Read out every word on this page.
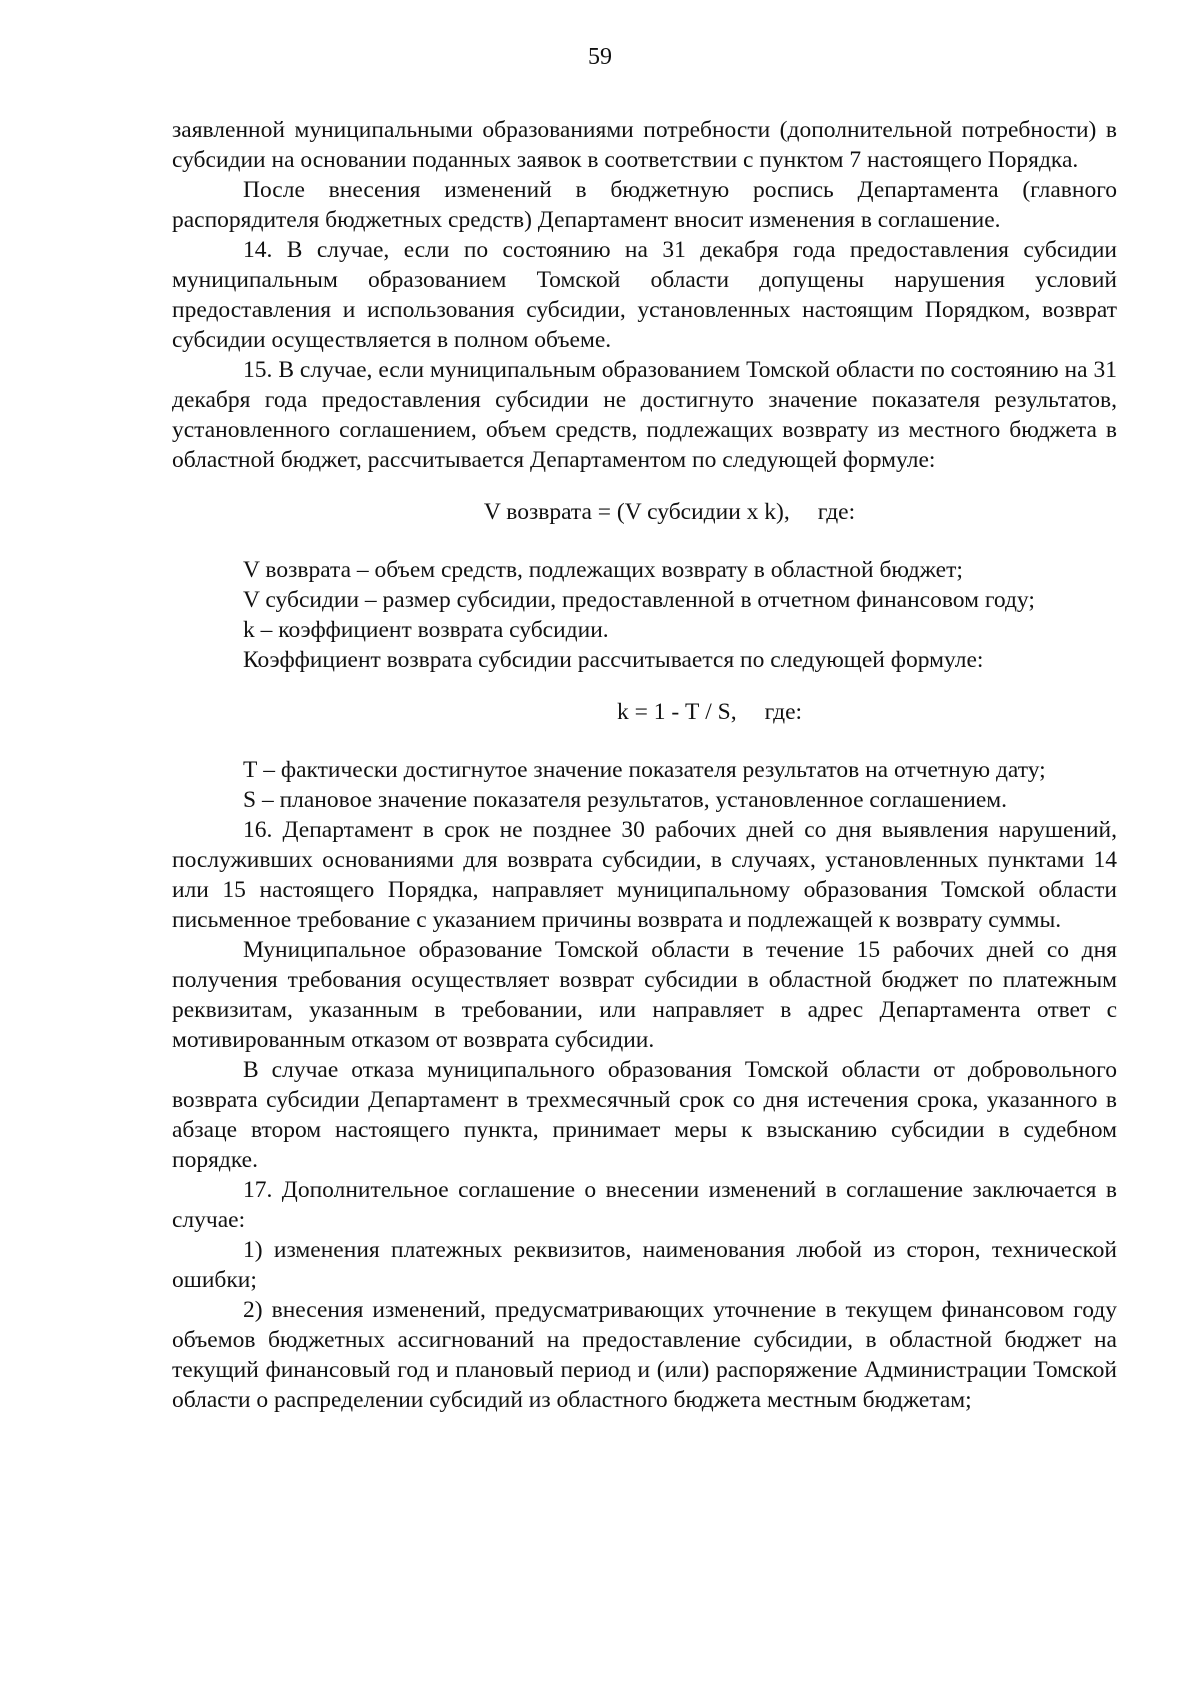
59

заявленной муниципальными образованиями потребности (дополнительной потребности) в субсидии на основании поданных заявок в соответствии с пунктом 7 настоящего Порядка.

После внесения изменений в бюджетную роспись Департамента (главного распорядителя бюджетных средств) Департамент вносит изменения в соглашение.

14. В случае, если по состоянию на 31 декабря года предоставления субсидии муниципальным образованием Томской области допущены нарушения условий предоставления и использования субсидии, установленных настоящим Порядком, возврат субсидии осуществляется в полном объеме.

15. В случае, если муниципальным образованием Томской области по состоянию на 31 декабря года предоставления субсидии не достигнуто значение показателя результатов, установленного соглашением, объем средств, подлежащих возврату из местного бюджета в областной бюджет, рассчитывается Департаментом по следующей формуле:

V возврата = (V субсидии х k), где:

V возврата – объем средств, подлежащих возврату в областной бюджет;

V субсидии – размер субсидии, предоставленной в отчетном финансовом году;

k – коэффициент возврата субсидии.

Коэффициент возврата субсидии рассчитывается по следующей формуле:

k = 1 - Т / S, где:

Т – фактически достигнутое значение показателя результатов на отчетную дату;

S – плановое значение показателя результатов, установленное соглашением.

16. Департамент в срок не позднее 30 рабочих дней со дня выявления нарушений, послуживших основаниями для возврата субсидии, в случаях, установленных пунктами 14 или 15 настоящего Порядка, направляет муниципальному образования Томской области письменное требование с указанием причины возврата и подлежащей к возврату суммы.

Муниципальное образование Томской области в течение 15 рабочих дней со дня получения требования осуществляет возврат субсидии в областной бюджет по платежным реквизитам, указанным в требовании, или направляет в адрес Департамента ответ с мотивированным отказом от возврата субсидии.

В случае отказа муниципального образования Томской области от добровольного возврата субсидии Департамент в трехмесячный срок со дня истечения срока, указанного в абзаце втором настоящего пункта, принимает меры к взысканию субсидии в судебном порядке.

17. Дополнительное соглашение о внесении изменений в соглашение заключается в случае:

1) изменения платежных реквизитов, наименования любой из сторон, технической ошибки;

2) внесения изменений, предусматривающих уточнение в текущем финансовом году объемов бюджетных ассигнований на предоставление субсидии, в областной бюджет на текущий финансовый год и плановый период и (или) распоряжение Администрации Томской области о распределении субсидий из областного бюджета местным бюджетам;
